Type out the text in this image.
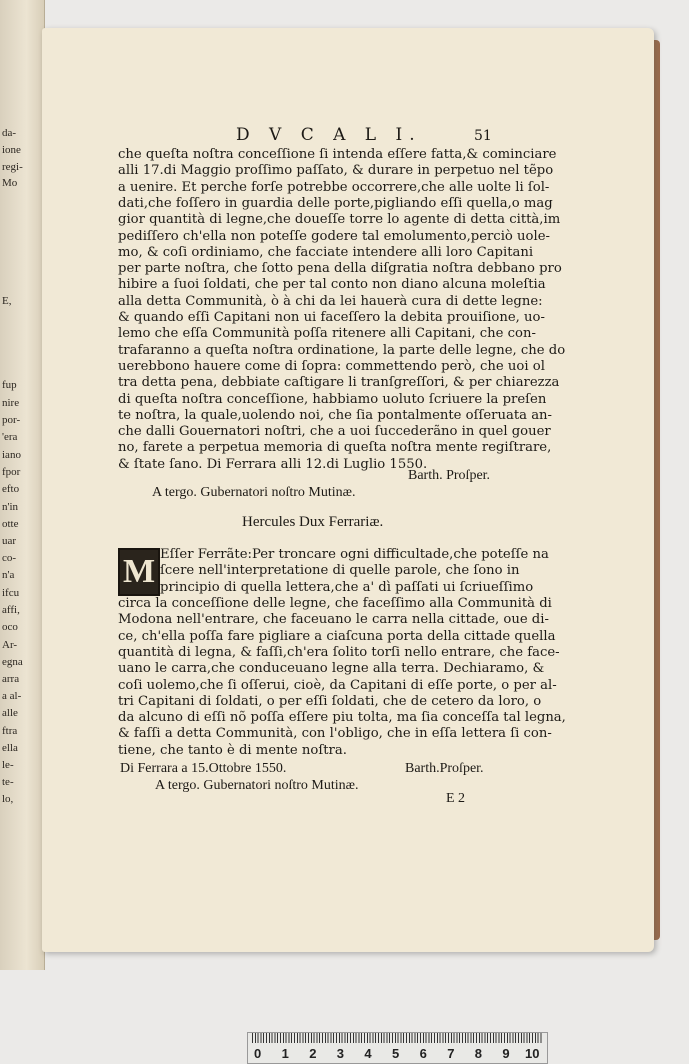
da-
ione
regi-
Mo
E,
fup
nire
por-
'era
iano
fpor
efto
n'in
otte
uar
co-
n'a
ifcu
affi,
oco
Ar-
egna
arra
a al-
alle
ftra
ella
le-
te-
lo,
D V C A L I.	51
che queſta noſtra conceſſione ſi intenda eſſere fatta,& cominciare
alli 17.di Maggio proſſimo paſſato, & durare in perpetuo nel tẽpo
a uenire. Et perche forſe potrebbe occorrere,che alle uolte li ſol-
dati,che foſſero in guardia delle porte,pigliando eſſi quella,o mag
gior quantità di legne,che doueſſe torre lo agente di detta città,im
pediſſero ch'ella non poteſſe godere tal emolumento,perciò uole-
mo, & coſi ordiniamo, che facciate intendere alli loro Capitani
per parte noſtra, che ſotto pena della diſgratia noſtra debbano pro
hibire a ſuoi ſoldati, che per tal conto non diano alcuna moleſtia
alla detta Communità, ò à chi da lei hauerà cura di dette legne:
& quando eſſi Capitani non ui faceſſero la debita prouiſione, uo-
lemo che eſſa Communità poſſa ritenere alli Capitani, che con-
trafaranno a queſta noſtra ordinatione, la parte delle legne, che do
uerebbono hauere come di ſopra: commettendo però, che uoi ol
tra detta pena, debbiate caſtigare li tranſgreſſori, & per chiarezza
di queſta noſtra conceſſione, habbiamo uoluto ſcriuere la preſen
te noſtra, la quale,uolendo noi, che ſia pontalmente oſſeruata an-
che dalli Gouernatori noſtri, che a uoi ſuccederãno in quel gouer
no, farete a perpetua memoria di queſta noſtra mente regiſtrare,
& ſtate ſano. Di Ferrara alli 12.di Luglio 1550.
Barth. Proſper.
A tergo. Gubernatori noſtro Mutinæ.
Hercules Dux Ferrariæ.
M Eſſer Ferrãte:Per troncare ogni difficultade,che poteſſe na
ſcere nell'interpretatione di quelle parole, che ſono in
principio di quella lettera,che a' dì paſſati ui ſcriueſſimo
circa la conceſſione delle legne, che faceſſimo alla Communità di
Modona nell'entrare, che faceuano le carra nella cittade, oue di-
ce, ch'ella poſſa fare pigliare a ciaſcuna porta della cittade quella
quantità di legna, & faſſi,ch'era ſolito torſi nello entrare, che face-
uano le carra,che conduceuano legne alla terra. Dechiaramo, &
coſi uolemo,che ſi oſſerui, cioè, da Capitani di eſſe porte, o per al-
tri Capitani di ſoldati, o per eſſi ſoldati, che de cetero da loro, o
da alcuno di eſſi nõ poſſa eſſere piu tolta, ma ſia conceſſa tal legna,
& faſſi a detta Communità, con l'obligo, che in eſſa lettera ſi con-
tiene, che tanto è di mente noſtra.
Di Ferrara a 15.Ottobre 1550.	Barth.Proſper.
A tergo. Gubernatori noſtro Mutinæ.
E 2
0 1 2 3 4 5 6 7 8 9 10
